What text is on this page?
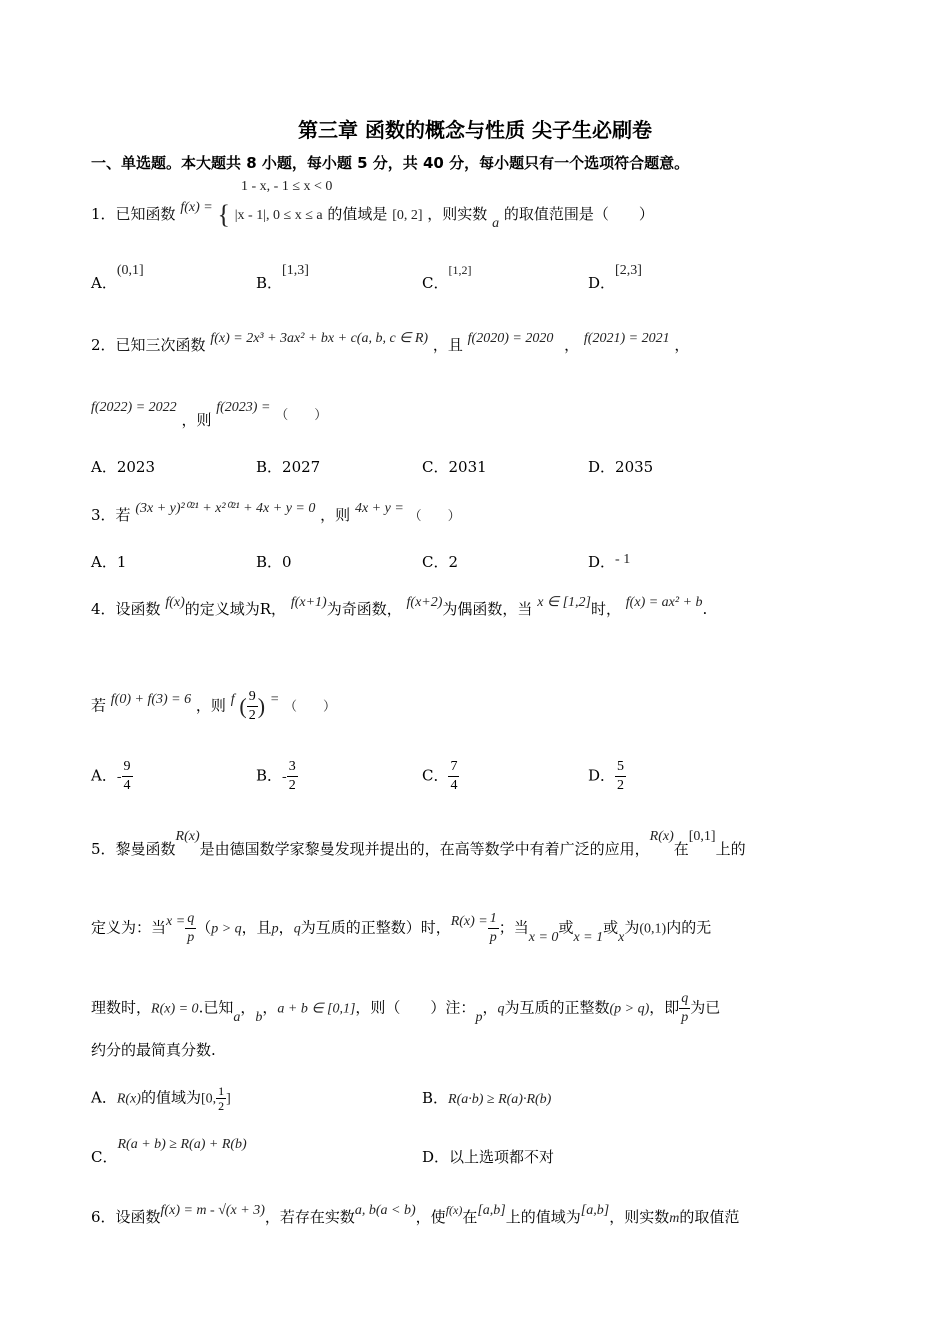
第三章 函数的概念与性质 尖子生必刷卷
一、单选题。本大题共 8 小题，每小题 5 分，共 40 分，每小题只有一个选项符合题意。
1 - x, - 1 ≤ x < 0
1．已知函数 f(x) = { |x - 1|, 0 ≤ x ≤ a 的值域是 [0, 2] ，则实数 a 的取值范围是（　　）
A．(0,1]
B．[1,3]
C．[1,2]
D．[2,3]
2．已知三次函数 f(x) = 2x³ + 3ax² + bx + c(a, b, c ∈ R) ，且 f(2020) = 2020 ， f(2021) = 2021 ，
f(2022) = 2022 ，则 f(2023) = （　　）
A．2023	B．2027	C．2031	D．2035
3．若 (3x + y)²⁰²¹ + x²⁰²¹ + 4x + y = 0 ，则 4x + y = （　　）
A．1	B．0	C．2	D．- 1
4．设函数 f(x)的定义域为R， f(x+1)为奇函数， f(x+2)为偶函数，当 x ∈ [1,2]时， f(x) = ax² + b.
若 f(0) + f(3) = 6 ，则 f ( $\frac{9}{2}$ ) = （　　）
A．- $\frac{9}{4}$	B．- $\frac{3}{2}$	C． $\frac{7}{4}$	D． $\frac{5}{2}$
5．黎曼函数R(x)是由德国数学家黎曼发现并提出的，在高等数学中有着广泛的应用，R(x)在[0,1]上的
定义为：当$x = \frac{q}{p} (p > q$，且p，q为互质的正整数）时，$R(x) = \frac{1}{p}$ ；当x = 0或x = 1或x为(0,1)内的无
理数时，R(x) = 0.已知a，b，a + b ∈ [0,1]，则（　　）注：p，q为互质的正整数(p > q)，即 $\frac{q}{p}$ 为已
约分的最简真分数.
A．R(x)的值域为[0, $\frac{1}{2}$ ]	B．R(a·b) ≥ R(a)·R(b)
C．R(a + b) ≥ R(a) + R(b)
D．以上选项都不对
6．设函数f(x) = m - √(x + 3)，若存在实数a, b(a < b)，使$^{f(x)}$在[a,b]上的值域为[a,b]，则实数m的取值范
